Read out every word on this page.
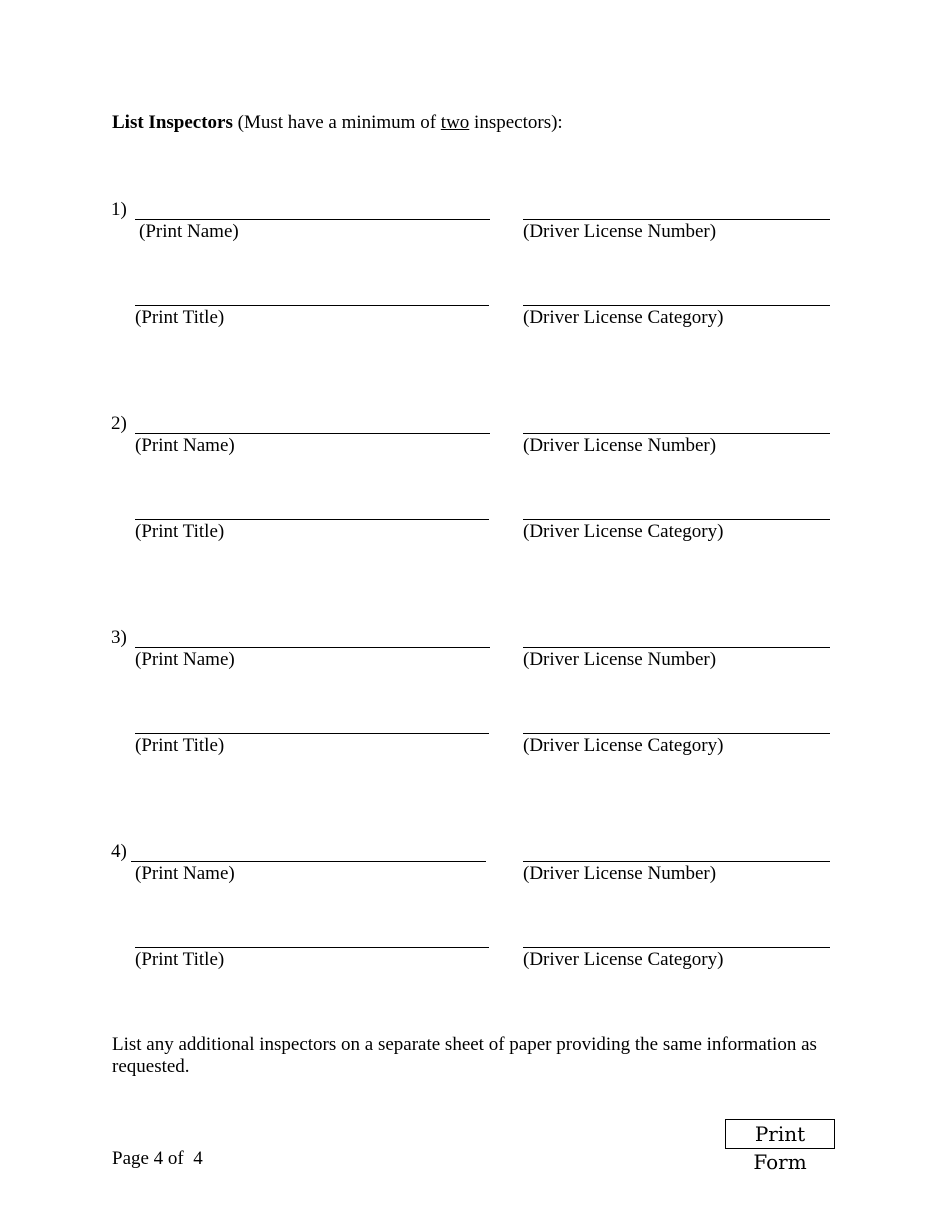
List Inspectors (Must have a minimum of two inspectors):
1)
(Print Name)	(Driver License Number)
(Print Title)	(Driver License Category)
2)
(Print Name)	(Driver License Number)
(Print Title)	(Driver License Category)
3)
(Print Name)	(Driver License Number)
(Print Title)	(Driver License Category)
4)
(Print Name)	(Driver License Number)
(Print Title)	(Driver License Category)
List any additional inspectors on a separate sheet of paper providing the same information as requested.
Print Form
Page 4 of  4
